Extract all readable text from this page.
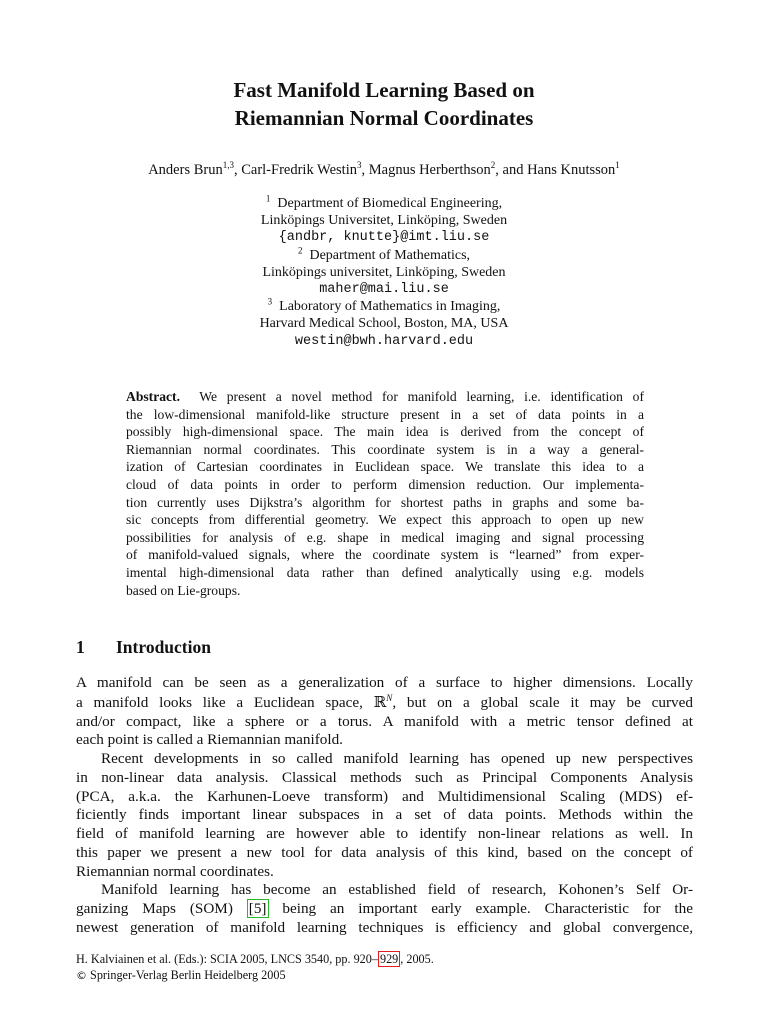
Fast Manifold Learning Based on
Riemannian Normal Coordinates
Anders Brun$^{1,3}$, Carl-Fredrik Westin$^3$, Magnus Herberthson$^2$, and Hans Knutsson$^1$
$^1$ Department of Biomedical Engineering,
Linköpings Universitet, Linköping, Sweden
{andbr, knutte}@imt.liu.se
$^2$ Department of Mathematics,
Linköpings universitet, Linköping, Sweden
maher@mai.liu.se
$^3$ Laboratory of Mathematics in Imaging,
Harvard Medical School, Boston, MA, USA
westin@bwh.harvard.edu
Abstract. We present a novel method for manifold learning, i.e. identification of
the low-dimensional manifold-like structure present in a set of data points in a
possibly high-dimensional space. The main idea is derived from the concept of
Riemannian normal coordinates. This coordinate system is in a way a general-
ization of Cartesian coordinates in Euclidean space. We translate this idea to a
cloud of data points in order to perform dimension reduction. Our implementa-
tion currently uses Dijkstra’s algorithm for shortest paths in graphs and some ba-
sic concepts from differential geometry. We expect this approach to open up new
possibilities for analysis of e.g. shape in medical imaging and signal processing
of manifold-valued signals, where the coordinate system is “learned” from exper-
imental high-dimensional data rather than defined analytically using e.g. models
based on Lie-groups.
1 Introduction
A manifold can be seen as a generalization of a surface to higher dimensions. Locally
a manifold looks like a Euclidean space, ℝ$^N$, but on a global scale it may be curved
and/or compact, like a sphere or a torus. A manifold with a metric tensor defined at
each point is called a Riemannian manifold.
Recent developments in so called manifold learning has opened up new perspectives
in non-linear data analysis. Classical methods such as Principal Components Analysis
(PCA, a.k.a. the Karhunen-Loeve transform) and Multidimensional Scaling (MDS) ef-
ficiently finds important linear subspaces in a set of data points. Methods within the
field of manifold learning are however able to identify non-linear relations as well. In
this paper we present a new tool for data analysis of this kind, based on the concept of
Riemannian normal coordinates.
Manifold learning has become an established field of research, Kohonen’s Self Or-
ganizing Maps (SOM) [5] being an important early example. Characteristic for the
newest generation of manifold learning techniques is efficiency and global convergence,
H. Kalviainen et al. (Eds.): SCIA 2005, LNCS 3540, pp. 920– 929 , 2005.
© Springer-Verlag Berlin Heidelberg 2005
